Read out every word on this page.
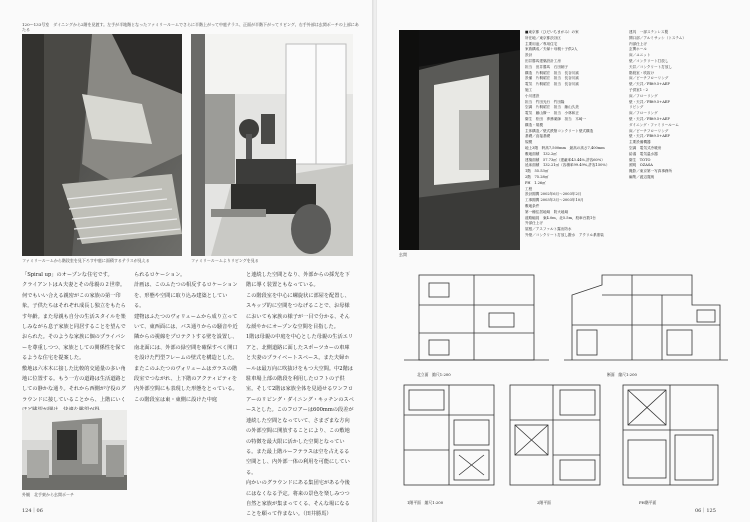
120～133号室　ダイニングから2階を見渡す。左手が半地階となったファミリールームでさらに半階上がって中庭テラス、正面が半階下がってリビング、右手外部は玄関ポーチの上部にあたる
ファミリールームから階段室を見下ろす中庭に面積するテラスが見える	ファミリールームよりリビングを見る

「Spiral up」のオープンな住宅です。

クライアントはＡ夫妻とその母親の２世帯。何でもいい合える親密がこの家族の第一印象。子供たちはそれぞれ成長し独立をもたらす年齢。また母親も自分の生活スタイルを楽しみながら息子家族と同居することを望んでおられた。そのような家族に個のプライバシーを尊重しつつ、家族としての関係性を保てるような住宅を提案した。

敷地は六本木に接した比較的交通量の多い角地に位置する。もう一方の道路は生活道路としての静かな通り。それから西側が守役のグラウンドに接していることから、上階にいく

られるロケーション。

計画は、このふたつの相反するロケーションを、形態や空間に取り込み建築としてい る。

建物はふたつのヴォリュームから成り立っていて、東西面には、バス通りからの騒音や近隣からの視線をプロテクトする壁を設置し、南北面には、外部の緑空間を確保すべく開口を設けた門型フレームの壁式を構造とした。

またこのふたつのヴォリュームはガラスの階段室でつながれ、上下階のアクティビティを内外部空間にも表現した形態をとっている。この階段室は東・東側に設けた中庭

と連続した空間となり、外部からの採光を下階に導く装置ともなっている。

この階段室を中心に螺旋状に部屋を配置し、スキップ的に空間をつなげることで、お母様においても家族の様子が一目で分かる、そんな緩やかにオープンな空間を目指した。

1階は母親の中庭を中心とした母親の生活エリアと、北側道路に面したスポーツカーの車庫と夫妻のプライベートスペース。また夫婦ホールは最万向に吹抜けをもつ大空間。中2階は駐車場上部の階段を利用したロフトの子供室。そして2階は家族全体を見通せるワンフロアーのリビング・ダイニング・キッチンのスペースとした。このフロアーは600mmの段差が連続した空間となっていて、さまざまな方向の外部空間に開放することにより、この敷地の特徴を最大限に活かした空間となっている。また最上階ルーフテラスは空を占えるる空間とし、内外部一体の利用を可能にしている。

向かいのグラウンドにある集団宅がある今後にはなくなる予定。将来の景色を楽しみつつ自然と家族が集まってくる、そんな場になることを願って作まない。（田井勝馬）

外観　北手東から玄関ポーチ
124｜06
玄関
■東京都（ひだいちまがみ）の家
所在地／東京都渋谷区
主要用途／専用住宅
家族構成／夫婦＋母親＋子供2人
設計
田井勝馬建築設計工房
担当　田井勝馬　石田朝子
構造　片桐昭宏　担当　長谷川誠
設備　片桐昭宏　担当　長谷川誠
電気　片桐昭宏　担当　長谷川誠
施工
小川建設
担当　竹田光行　竹田隆
空調　片桐昭宏　担当　藤山久美
電気　藤山賢一　担当　小林和正
衛生　松田　専務薬師　担当　木崎一
構造・規模
主体構造／壁式鉄筋コンクリート壁式構造
基礎／直接基礎
規模
地上3階　軒高7,500mm　最高の高さ7,400mm
敷地面積　132.2㎡
建築面積　57.73㎡（建蔽率43.44%,許容60%）
延床面積　132.21㎡（容積率99.49%,許容150%）
1階　55.53㎡
2階　75.28㎡
PH　1.26㎡
工程
設計期間 2002年6月～2003年2月
工事期間 2003年3月～2003年10月
敷地条件
第一種住居地域　防火地域
道路幅員　東4.0m，北5.5m，駐車台数1台
外部仕上げ
屋根／アスファルト露出防水
外壁／コンクリート打放し撥水　アクリル系塗装
建具　一部ステンレス製
開口部／アルミサッシ（トステム）
内部仕上げ
玄関ホール
床／ユニット
壁／コンクリート打放し
天井／コンクリート打放し
階段室・吹抜け
床／ビーチフローリング
壁／天井／PBt9.5+AEP
子供室1・2
床／フローリング
壁・天井／PBt9.5+AEP
リビング
床／フローリング
壁・天井／PBt9.5+AEP
ダイニング・ファミリールーム
床／ビーチフローリング
壁・天井／PBt9.5+AEP
主要設備機器
空調　電気式冷暖房
給湯　電気温水器
衛生　TOTO
照明　OZASA
撮影／東京第一写真事務所
編集／渡辺寛朗
北立面　縮尺1:200	断面　縮尺1:200
1階平面　縮尺1:200	2階平面	PH階平面
06｜125
